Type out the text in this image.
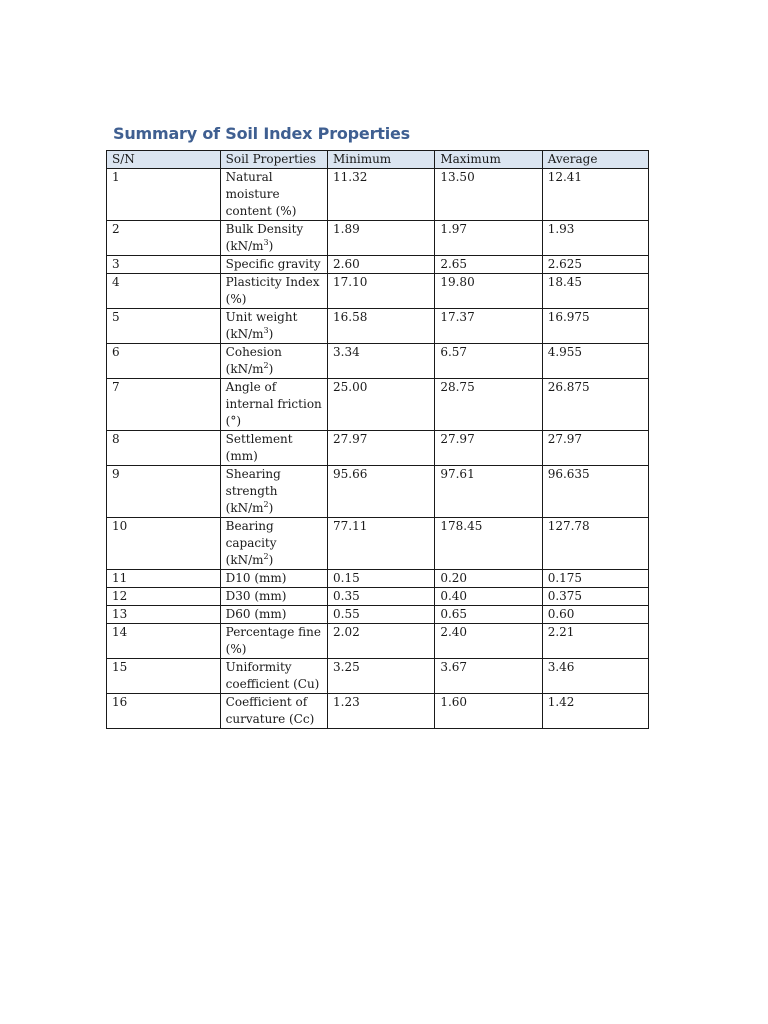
Summary of Soil Index Properties
S/N	Soil Properties	Minimum	Maximum	Average
1	Natural moisture content (%)	11.32	13.50	12.41
2	Bulk Density $(kN/m^3)$	1.89	1.97	1.93
3	Specific gravity	2.60	2.65	2.625
4	Plasticity Index (%)	17.10	19.80	18.45
5	Unit weight $(kN/m^3)$	16.58	17.37	16.975
6	Cohesion $(kN/m^2)$	3.34	6.57	4.955
7	Angle of internal friction (°)	25.00	28.75	26.875
8	Settlement (mm)	27.97	27.97	27.97
9	Shearing strength $(kN/m^2)$	95.66	97.61	96.635
10	Bearing capacity $(kN/m^2)$	77.11	178.45	127.78
11	D10 (mm)	0.15	0.20	0.175
12	D30 (mm)	0.35	0.40	0.375
13	D60 (mm)	0.55	0.65	0.60
14	Percentage fine (%)	2.02	2.40	2.21
15	Uniformity coefficient (Cu)	3.25	3.67	3.46
16	Coefficient of curvature (Cc)	1.23	1.60	1.42
